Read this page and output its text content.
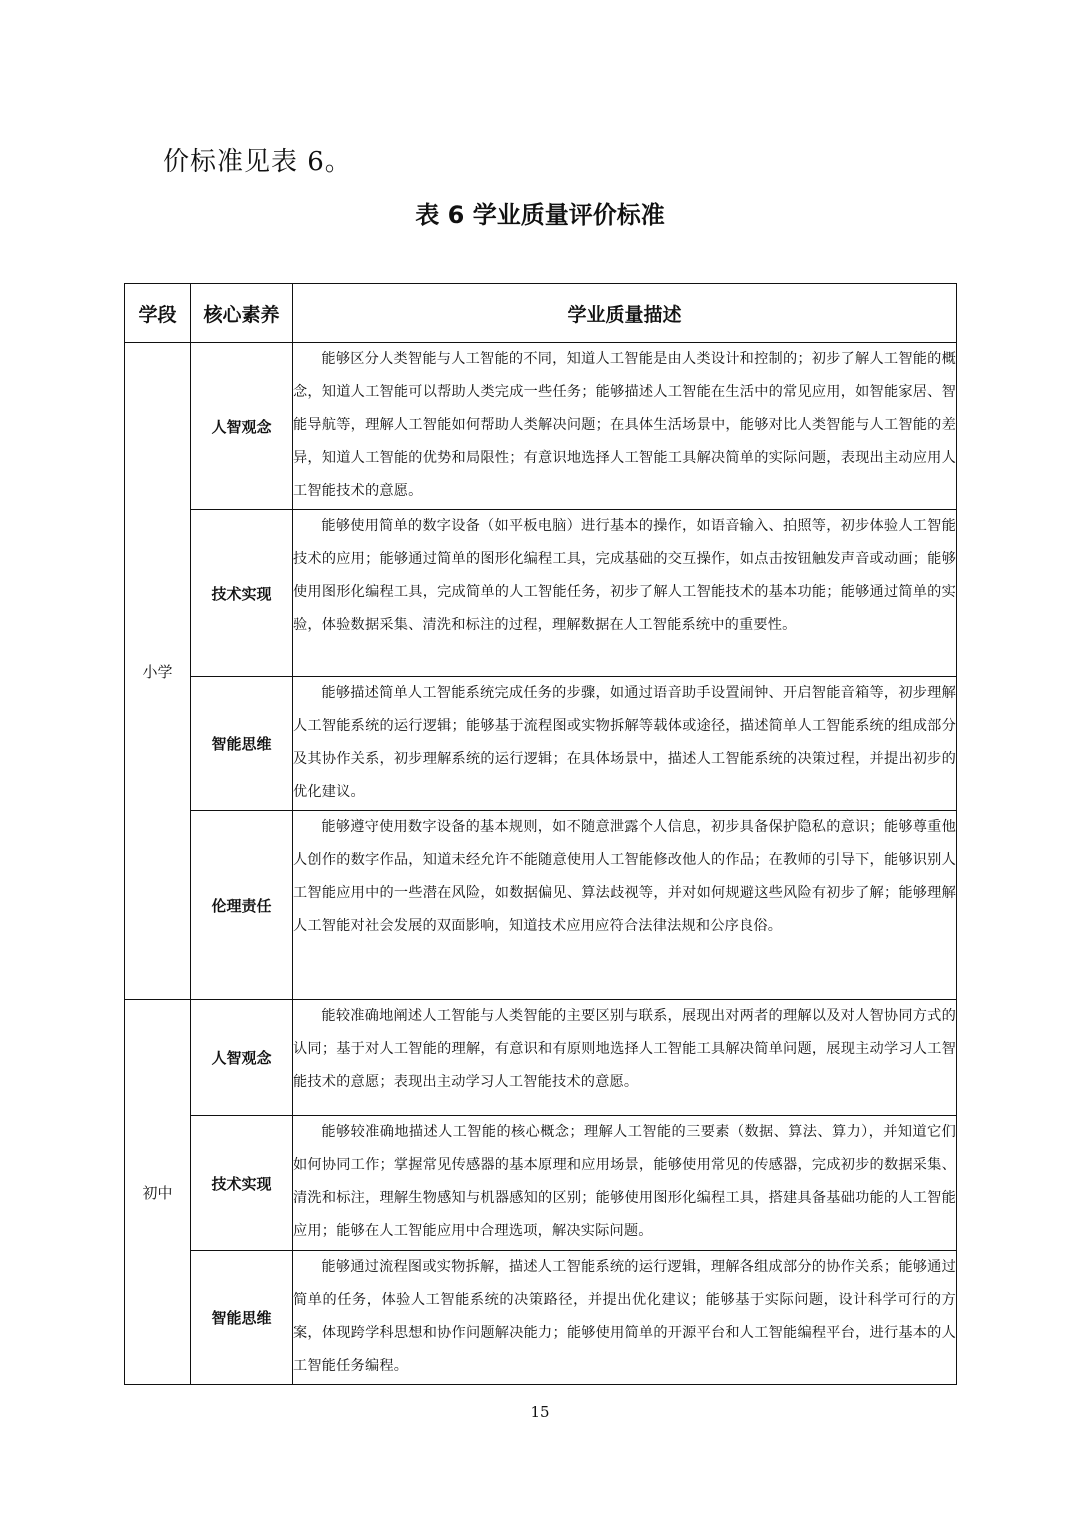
价标准见表 6。
表 6 学业质量评价标准
学段	核心素养	学业质量描述
小学	人智观念	能够区分人类智能与人工智能的不同，知道人工智能是由人类设计和控制的；初步了解人工智能的概念，知道人工智能可以帮助人类完成一些任务；能够描述人工智能在生活中的常见应用，如智能家居、智能导航等，理解人工智能如何帮助人类解决问题；在具体生活场景中，能够对比人类智能与人工智能的差异，知道人工智能的优势和局限性；有意识地选择人工智能工具解决简单的实际问题，表现出主动应用人工智能技术的意愿。
	技术实现	能够使用简单的数字设备（如平板电脑）进行基本的操作，如语音输入、拍照等，初步体验人工智能技术的应用；能够通过简单的图形化编程工具，完成基础的交互操作，如点击按钮触发声音或动画；能够使用图形化编程工具，完成简单的人工智能任务，初步了解人工智能技术的基本功能；能够通过简单的实验，体验数据采集、清洗和标注的过程，理解数据在人工智能系统中的重要性。
	智能思维	能够描述简单人工智能系统完成任务的步骤，如通过语音助手设置闹钟、开启智能音箱等，初步理解人工智能系统的运行逻辑；能够基于流程图或实物拆解等载体或途径，描述简单人工智能系统的组成部分及其协作关系，初步理解系统的运行逻辑；在具体场景中，描述人工智能系统的决策过程，并提出初步的优化建议。
	伦理责任	能够遵守使用数字设备的基本规则，如不随意泄露个人信息，初步具备保护隐私的意识；能够尊重他人创作的数字作品，知道未经允许不能随意使用人工智能修改他人的作品；在教师的引导下，能够识别人工智能应用中的一些潜在风险，如数据偏见、算法歧视等，并对如何规避这些风险有初步了解；能够理解人工智能对社会发展的双面影响，知道技术应用应符合法律法规和公序良俗。
初中	人智观念	能较准确地阐述人工智能与人类智能的主要区别与联系，展现出对两者的理解以及对人智协同方式的认同；基于对人工智能的理解，有意识和有原则地选择人工智能工具解决简单问题，展现主动学习人工智能技术的意愿；表现出主动学习人工智能技术的意愿。
	技术实现	能够较准确地描述人工智能的核心概念；理解人工智能的三要素（数据、算法、算力），并知道它们如何协同工作；掌握常见传感器的基本原理和应用场景，能够使用常见的传感器，完成初步的数据采集、清洗和标注，理解生物感知与机器感知的区别；能够使用图形化编程工具，搭建具备基础功能的人工智能应用；能够在人工智能应用中合理选项，解决实际问题。
	智能思维	能够通过流程图或实物拆解，描述人工智能系统的运行逻辑，理解各组成部分的协作关系；能够通过简单的任务，体验人工智能系统的决策路径，并提出优化建议；能够基于实际问题，设计科学可行的方案，体现跨学科思想和协作问题解决能力；能够使用简单的开源平台和人工智能编程平台，进行基本的人工智能任务编程。
15
